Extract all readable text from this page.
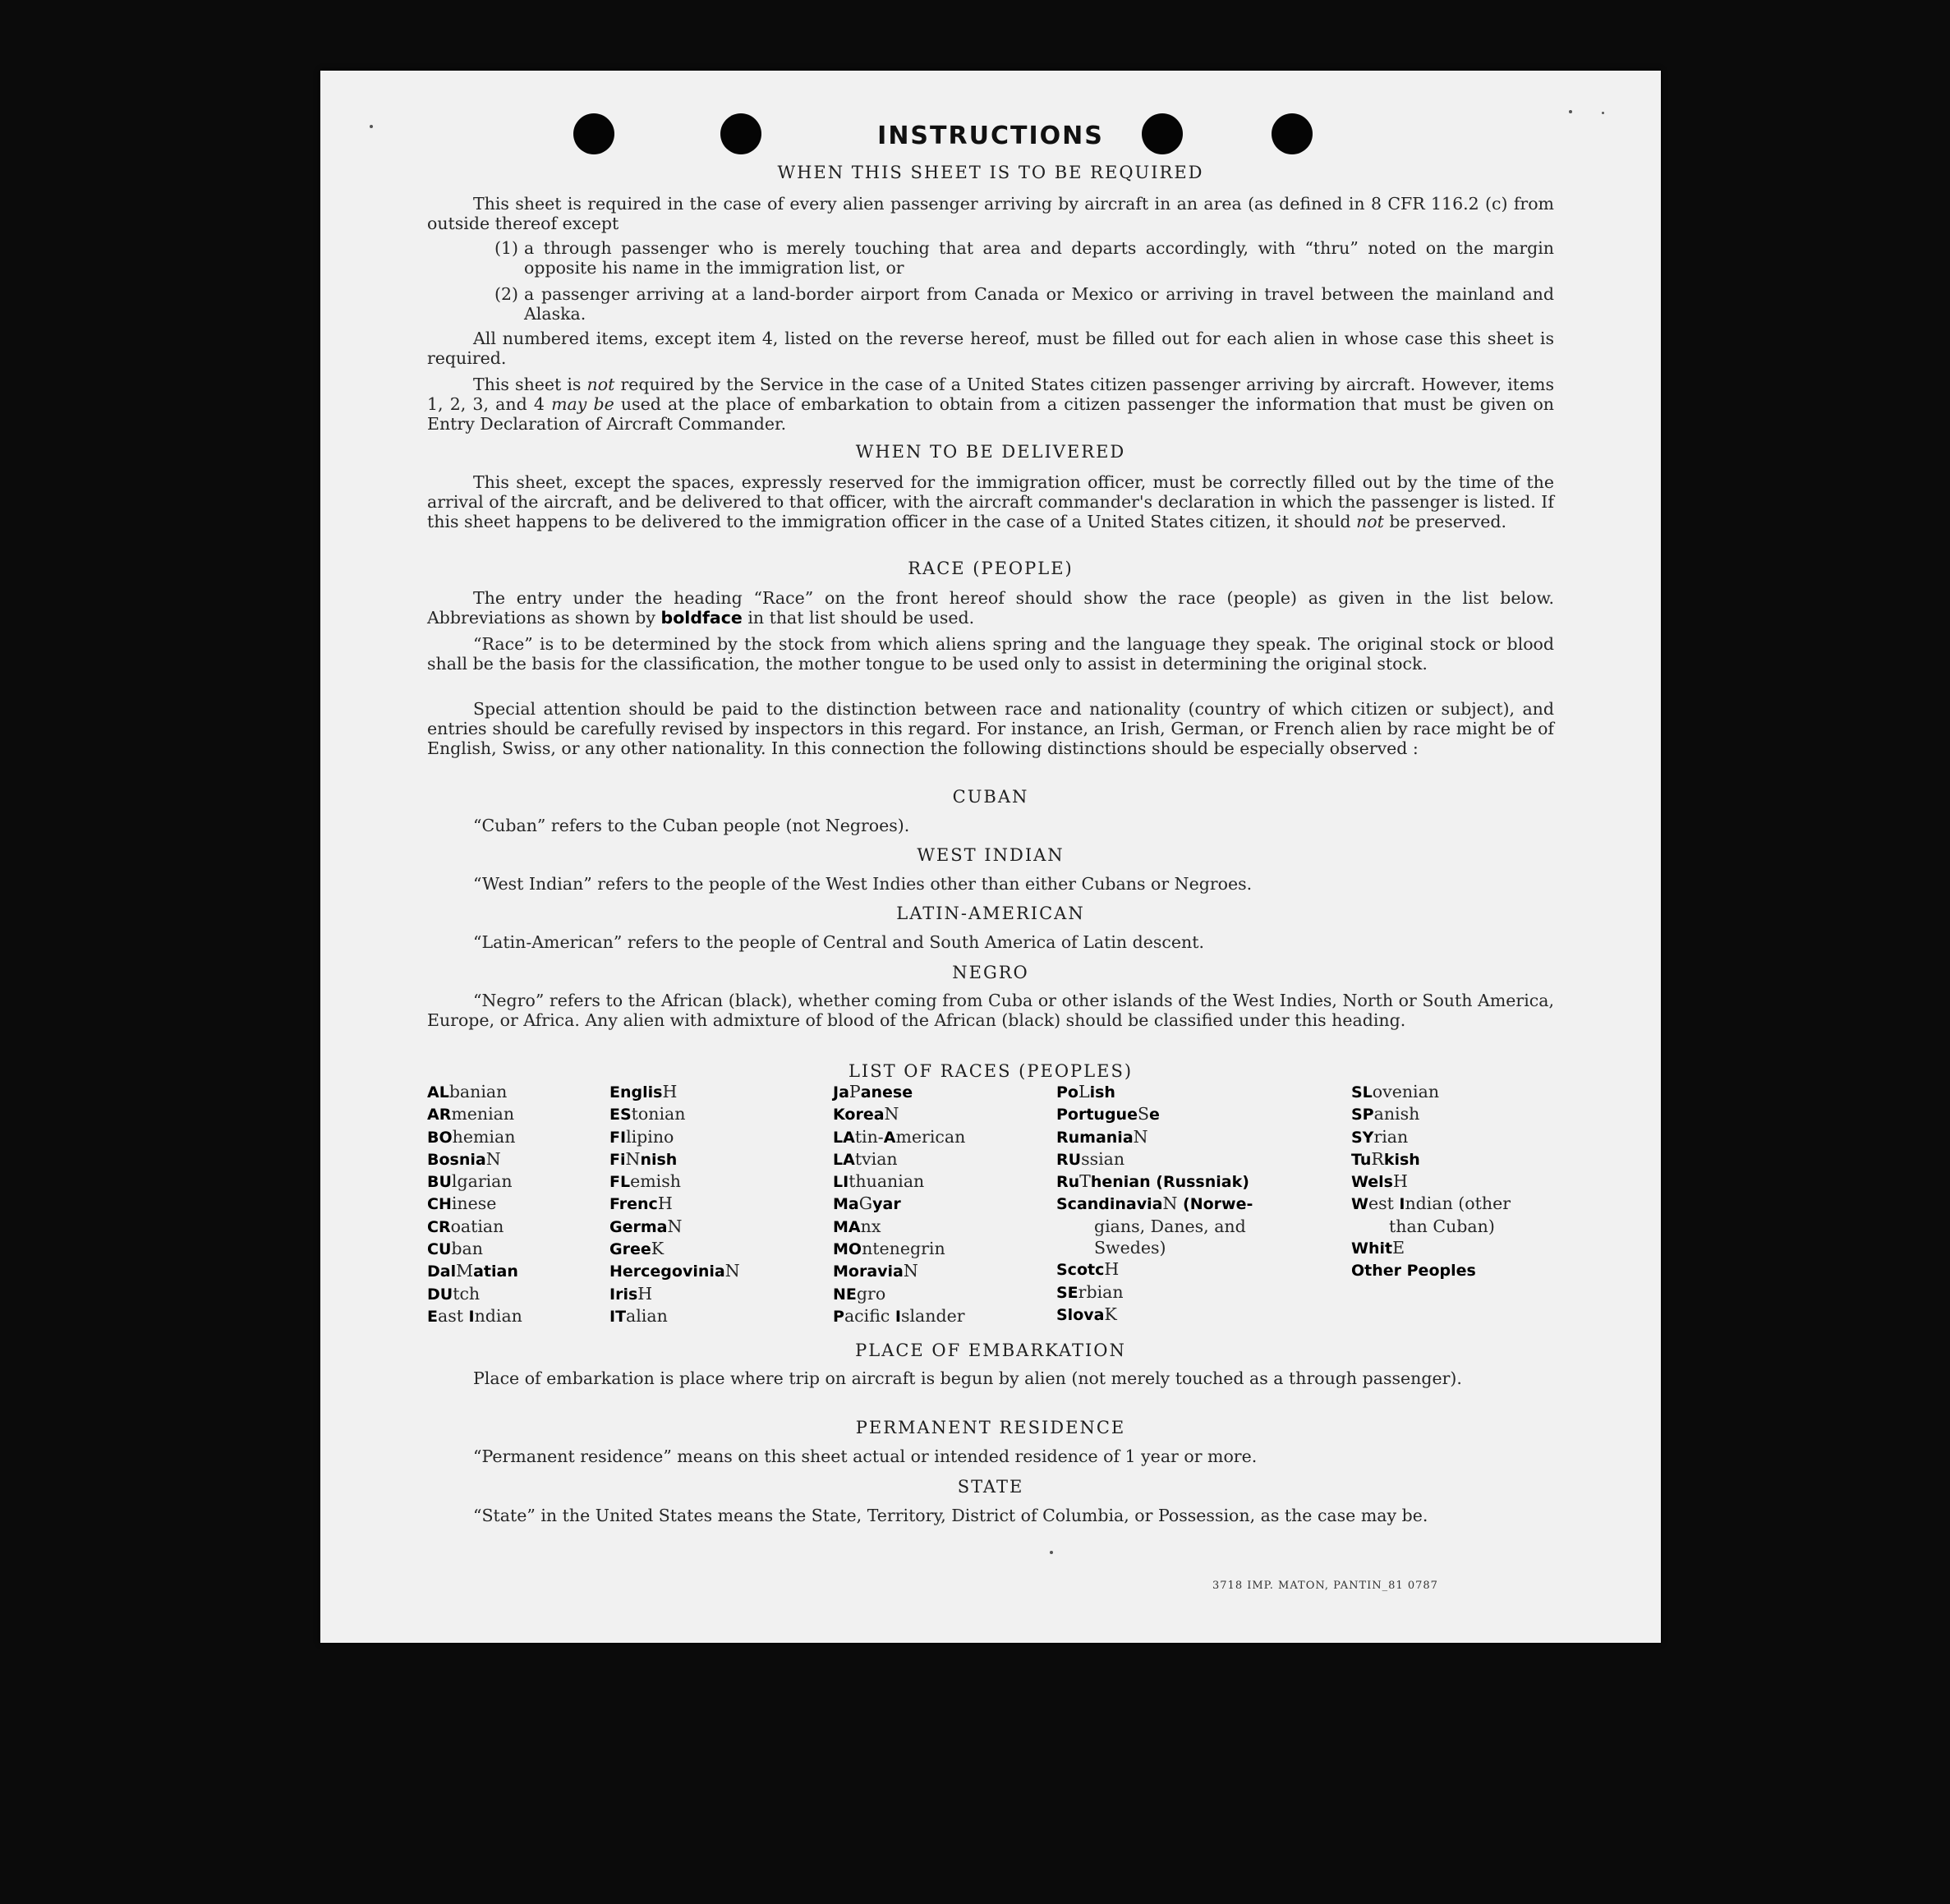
INSTRUCTIONS
WHEN THIS SHEET IS TO BE REQUIRED
This sheet is required in the case of every alien passenger arriving by aircraft in an area (as defined in 8 CFR 116.2 (c) from outside thereof except
(1) a through passenger who is merely touching that area and departs accordingly, with “thru” noted on the margin opposite his name in the immigration list, or
(2) a passenger arriving at a land-border airport from Canada or Mexico or arriving in travel between the mainland and Alaska.
All numbered items, except item 4, listed on the reverse hereof, must be filled out for each alien in whose case this sheet is required.
This sheet is not required by the Service in the case of a United States citizen passenger arriving by aircraft. However, items 1, 2, 3, and 4 may be used at the place of embarkation to obtain from a citizen passenger the information that must be given on Entry Declaration of Aircraft Commander.
WHEN TO BE DELIVERED
This sheet, except the spaces, expressly reserved for the immigration officer, must be correctly filled out by the time of the arrival of the aircraft, and be delivered to that officer, with the aircraft commander's declaration in which the passenger is listed. If this sheet happens to be delivered to the immigration officer in the case of a United States citizen, it should not be preserved.
RACE (PEOPLE)
The entry under the heading “Race” on the front hereof should show the race (people) as given in the list below. Abbreviations as shown by boldface in that list should be used.
“Race” is to be determined by the stock from which aliens spring and the language they speak. The original stock or blood shall be the basis for the classification, the mother tongue to be used only to assist in determining the original stock.
Special attention should be paid to the distinction between race and nationality (country of which citizen or subject), and entries should be carefully revised by inspectors in this regard. For instance, an Irish, German, or French alien by race might be of English, Swiss, or any other nationality. In this connection the following distinctions should be especially observed :
CUBAN
“Cuban” refers to the Cuban people (not Negroes).
WEST INDIAN
“West Indian” refers to the people of the West Indies other than either Cubans or Negroes.
LATIN-AMERICAN
“Latin-American” refers to the people of Central and South America of Latin descent.
NEGRO
“Negro” refers to the African (black), whether coming from Cuba or other islands of the West Indies, North or South America, Europe, or Africa. Any alien with admixture of blood of the African (black) should be classified under this heading.
LIST OF RACES (PEOPLES)
ALbanian
ARmenian
BOhemian
BosniaN
BUlgarian
CHinese
CRoatian
CUban
DalMatian
DUtch
East Indian
EnglisH
EStonian
FIlipino
FiNnish
FLemish
FrencH
GermaN
GreeK
HercegoviniaN
IrisH
ITalian
JaPanese
KoreaN
LAtin-American
LAtvian
LIthuanian
MaGyar
MAnx
MOntenegrin
MoraviaN
NEgro
Pacific Islander
PoLish
PortugueSe
RumaniaN
RUssian
RuThenian (Russniak)
ScandinaviaN (Norwe-
gians, Danes, and
Swedes)
ScotcH
SErbian
SlovaK
SLovenian
SPanish
SYrian
TuRkish
WelsH
West Indian (other
than Cuban)
WhitE
Other Peoples
PLACE OF EMBARKATION
Place of embarkation is place where trip on aircraft is begun by alien (not merely touched as a through passenger).
PERMANENT RESIDENCE
“Permanent residence” means on this sheet actual or intended residence of 1 year or more.
STATE
“State” in the United States means the State, Territory, District of Columbia, or Possession, as the case may be.
3718 IMP. MATON, PANTIN_81 0787
